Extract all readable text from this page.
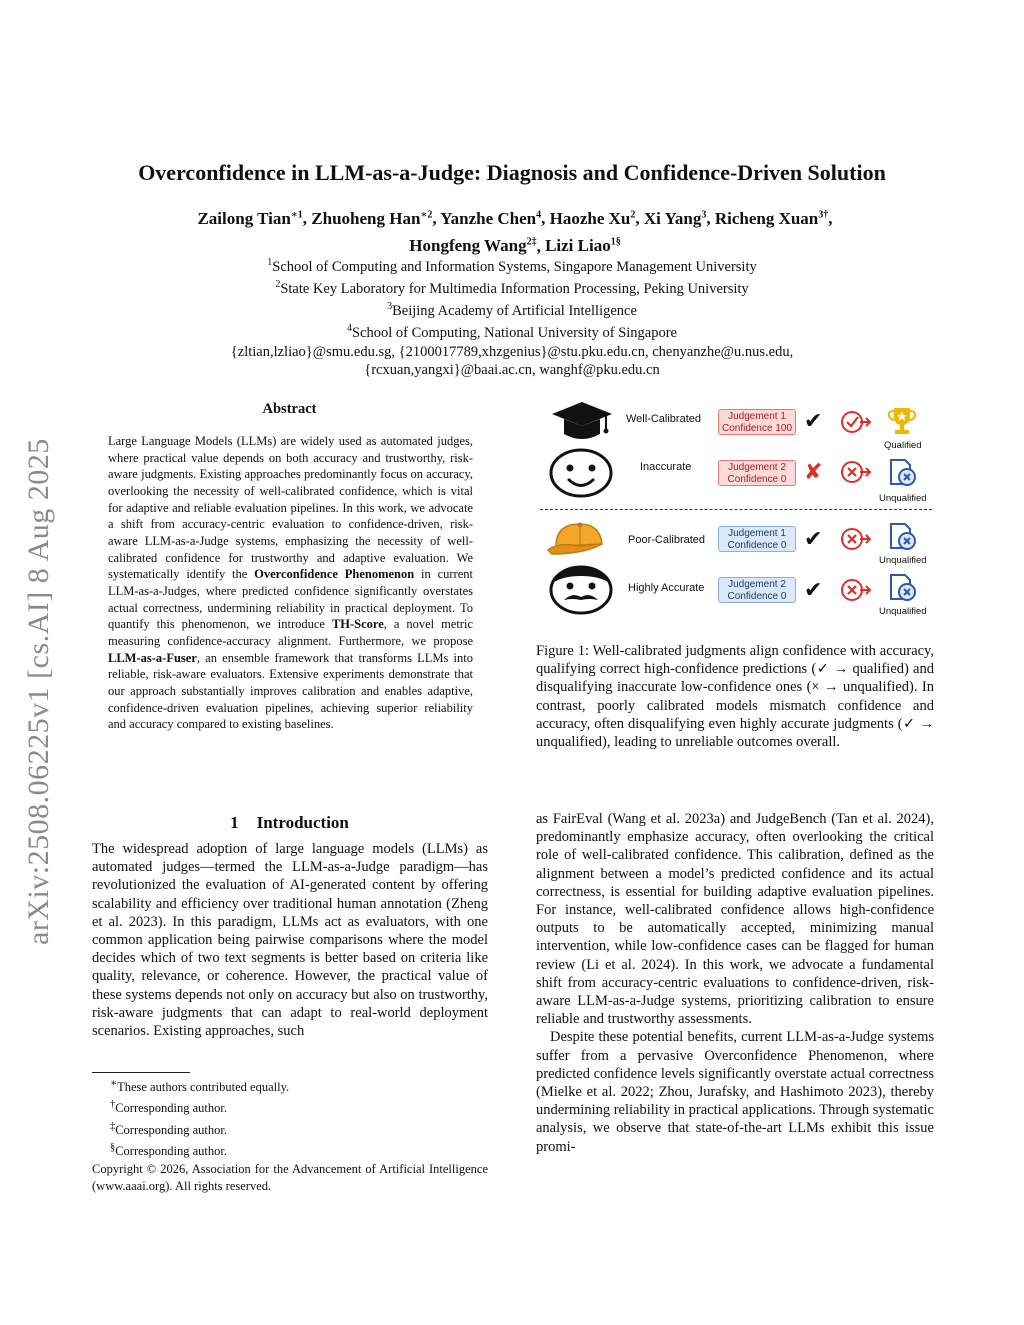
arXiv:2508.06225v1 [cs.AI] 8 Aug 2025
Overconfidence in LLM-as-a-Judge: Diagnosis and Confidence-Driven Solution
Zailong Tian$^{∗1}$, Zhuoheng Han$^{∗2}$, Yanzhe Chen$^4$, Haozhe Xu$^2$, Xi Yang$^3$, Richeng Xuan$^{3\dagger}$,
Hongfeng Wang$^{2\ddagger}$, Lizi Liao$^{1\S}$
$^1$School of Computing and Information Systems, Singapore Management University
$^2$State Key Laboratory for Multimedia Information Processing, Peking University
$^3$Beijing Academy of Artificial Intelligence
$^4$School of Computing, National University of Singapore
{zltian,lzliao}@smu.edu.sg, {2100017789,xhzgenius}@stu.pku.edu.cn, chenyanzhe@u.nus.edu,
{rcxuan,yangxi}@baai.ac.cn, wanghf@pku.edu.cn
Abstract
Large Language Models (LLMs) are widely used as automated judges, where practical value depends on both accuracy and trustworthy, risk-aware judgments. Existing approaches predominantly focus on accuracy, overlooking the necessity of well-calibrated confidence, which is vital for adaptive and reliable evaluation pipelines. In this work, we advocate a shift from accuracy-centric evaluation to confidence-driven, risk-aware LLM-as-a-Judge systems, emphasizing the necessity of well-calibrated confidence for trustworthy and adaptive evaluation. We systematically identify the Overconfidence Phenomenon in current LLM-as-a-Judges, where predicted confidence significantly overstates actual correctness, undermining reliability in practical deployment. To quantify this phenomenon, we introduce TH-Score, a novel metric measuring confidence-accuracy alignment. Furthermore, we propose LLM-as-a-Fuser, an ensemble framework that transforms LLMs into reliable, risk-aware evaluators. Extensive experiments demonstrate that our approach substantially improves calibration and enables adaptive, confidence-driven evaluation pipelines, achieving superior reliability and accuracy compared to existing baselines.
1 Introduction
The widespread adoption of large language models (LLMs) as automated judges—termed the LLM-as-a-Judge paradigm—has revolutionized the evaluation of AI-generated content by offering scalability and efficiency over traditional human annotation (Zheng et al. 2023). In this paradigm, LLMs act as evaluators, with one common application being pairwise comparisons where the model decides which of two text segments is better based on criteria like quality, relevance, or coherence. However, the practical value of these systems depends not only on accuracy but also on trustworthy, risk-aware judgments that can adapt to real-world deployment scenarios. Existing approaches, such
∗These authors contributed equally.
†Corresponding author.
‡Corresponding author.
§Corresponding author.
Copyright © 2026, Association for the Advancement of Artificial Intelligence (www.aaai.org). All rights reserved.
Well-Calibrated
Inaccurate
Judgement 1
Confidence 100
Judgement 2
Confidence 0
✔
✘
Qualified
Unqualified
Poor-Calibrated
Highly Accurate
Judgement 1
Confidence 0
Judgement 2
Confidence 0
✔
✔
Unqualified
Unqualified
Figure 1: Well-calibrated judgments align confidence with accuracy, qualifying correct high-confidence predictions (✓ → qualified) and disqualifying inaccurate low-confidence ones (× → unqualified). In contrast, poorly calibrated models mismatch confidence and accuracy, often disqualifying even highly accurate judgments (✓ → unqualified), leading to unreliable outcomes overall.

as FairEval (Wang et al. 2023a) and JudgeBench (Tan et al. 2024), predominantly emphasize accuracy, often overlooking the critical role of well-calibrated confidence. This calibration, defined as the alignment between a model’s predicted confidence and its actual correctness, is essential for building adaptive evaluation pipelines. For instance, well-calibrated confidence allows high-confidence outputs to be automatically accepted, minimizing manual intervention, while low-confidence cases can be flagged for human review (Li et al. 2024). In this work, we advocate a fundamental shift from accuracy-centric evaluations to confidence-driven, risk-aware LLM-as-a-Judge systems, prioritizing calibration to ensure reliable and trustworthy assessments.

Despite these potential benefits, current LLM-as-a-Judge systems suffer from a pervasive Overconfidence Phenomenon, where predicted confidence levels significantly overstate actual correctness (Mielke et al. 2022; Zhou, Jurafsky, and Hashimoto 2023), thereby undermining reliability in practical applications. Through systematic analysis, we observe that state-of-the-art LLMs exhibit this issue promi-
